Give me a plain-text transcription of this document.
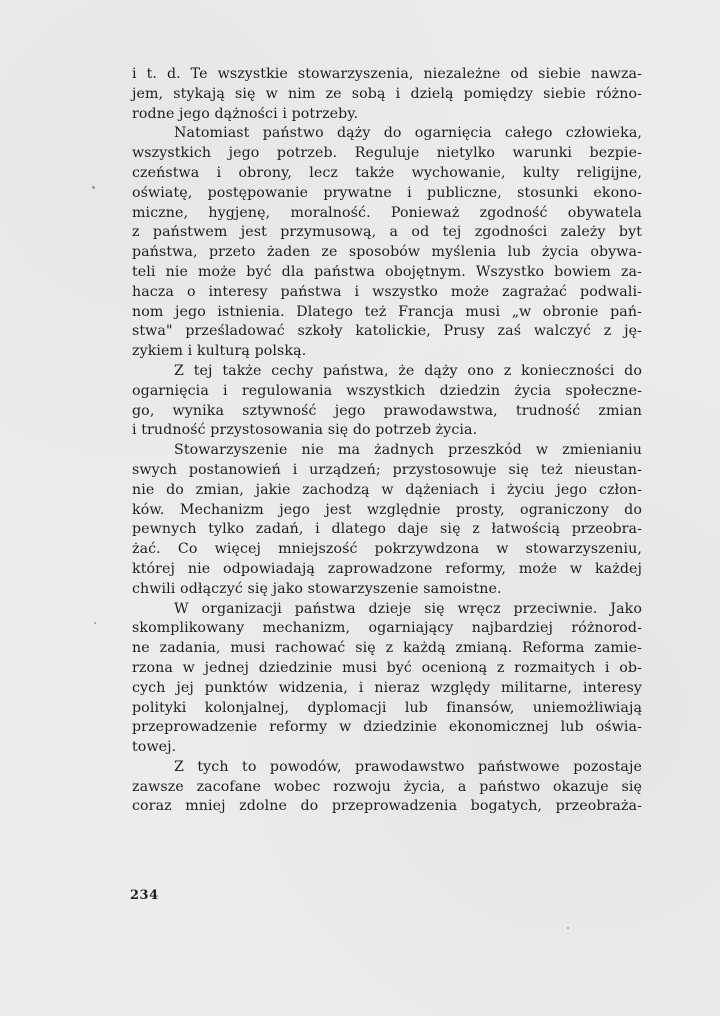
i t. d. Te wszystkie stowarzyszenia, niezależne od siebie nawza-
jem, stykają się w nim ze sobą i dzielą pomiędzy siebie różno-
rodne jego dążności i potrzeby.
Natomiast państwo dąży do ogarnięcia całego człowieka,
wszystkich jego potrzeb. Reguluje nietylko warunki bezpie-
czeństwa i obrony, lecz także wychowanie, kulty religijne,
oświatę, postępowanie prywatne i publiczne, stosunki ekono-
miczne, hygjenę, moralność. Ponieważ zgodność obywatela
z państwem jest przymusową, a od tej zgodności zależy byt
państwa, przeto żaden ze sposobów myślenia lub życia obywa-
teli nie może być dla państwa obojętnym. Wszystko bowiem za-
hacza o interesy państwa i wszystko może zagrażać podwali-
nom jego istnienia. Dlatego też Francja musi „w obronie pań-
stwa" prześladować szkoły katolickie, Prusy zaś walczyć z ję-
zykiem i kulturą polską.
Z tej także cechy państwa, że dąży ono z konieczności do
ogarnięcia i regulowania wszystkich dziedzin życia społeczne-
go, wynika sztywność jego prawodawstwa, trudność zmian
i trudność przystosowania się do potrzeb życia.
Stowarzyszenie nie ma żadnych przeszkód w zmienianiu
swych postanowień i urządzeń; przystosowuje się też nieustan-
nie do zmian, jakie zachodzą w dążeniach i życiu jego człon-
ków. Mechanizm jego jest względnie prosty, ograniczony do
pewnych tylko zadań, i dlatego daje się z łatwością przeobra-
żać. Co więcej mniejszość pokrzywdzona w stowarzyszeniu,
której nie odpowiadają zaprowadzone reformy, może w każdej
chwili odłączyć się jako stowarzyszenie samoistne.
W organizacji państwa dzieje się wręcz przeciwnie. Jako
skomplikowany mechanizm, ogarniający najbardziej różnorod-
ne zadania, musi rachować się z każdą zmianą. Reforma zamie-
rzona w jednej dziedzinie musi być ocenioną z rozmaitych i ob-
cych jej punktów widzenia, i nieraz względy militarne, interesy
polityki kolonjalnej, dyplomacji lub finansów, uniemożliwiają
przeprowadzenie reformy w dziedzinie ekonomicznej lub oświa-
towej.
Z tych to powodów, prawodawstwo państwowe pozostaje
zawsze zacofane wobec rozwoju życia, a państwo okazuje się
coraz mniej zdolne do przeprowadzenia bogatych, przeobraża-
234
